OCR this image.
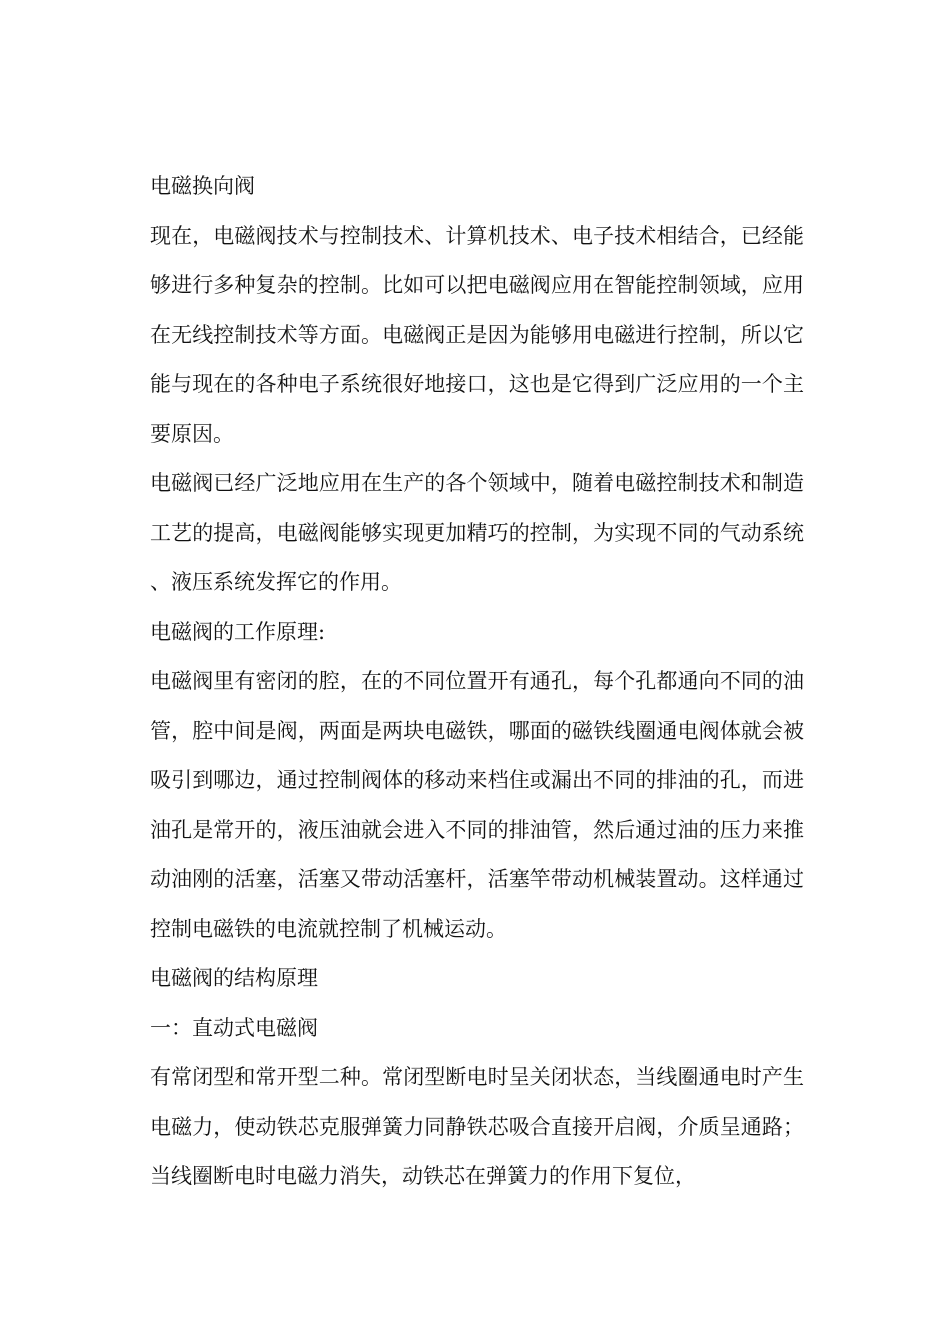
电磁换向阀

现在，电磁阀技术与控制技术、计算机技术、电子技术相结合，已经能够进行多种复杂的控制。比如可以把电磁阀应用在智能控制领域，应用在无线控制技术等方面。电磁阀正是因为能够用电磁进行控制，所以它能与现在的各种电子系统很好地接口，这也是它得到广泛应用的一个主要原因。

电磁阀已经广泛地应用在生产的各个领域中，随着电磁控制技术和制造工艺的提高，电磁阀能够实现更加精巧的控制，为实现不同的气动系统、液压系统发挥它的作用。

电磁阀的工作原理:

电磁阀里有密闭的腔，在的不同位置开有通孔，每个孔都通向不同的油管，腔中间是阀，两面是两块电磁铁，哪面的磁铁线圈通电阀体就会被吸引到哪边，通过控制阀体的移动来档住或漏出不同的排油的孔，而进油孔是常开的，液压油就会进入不同的排油管，然后通过油的压力来推动油刚的活塞，活塞又带动活塞杆，活塞竿带动机械装置动。这样通过控制电磁铁的电流就控制了机械运动。

电磁阀的结构原理

一：直动式电磁阀

有常闭型和常开型二种。常闭型断电时呈关闭状态，当线圈通电时产生电磁力，使动铁芯克服弹簧力同静铁芯吸合直接开启阀，介质呈通路；当线圈断电时电磁力消失，动铁芯在弹簧力的作用下复位，
